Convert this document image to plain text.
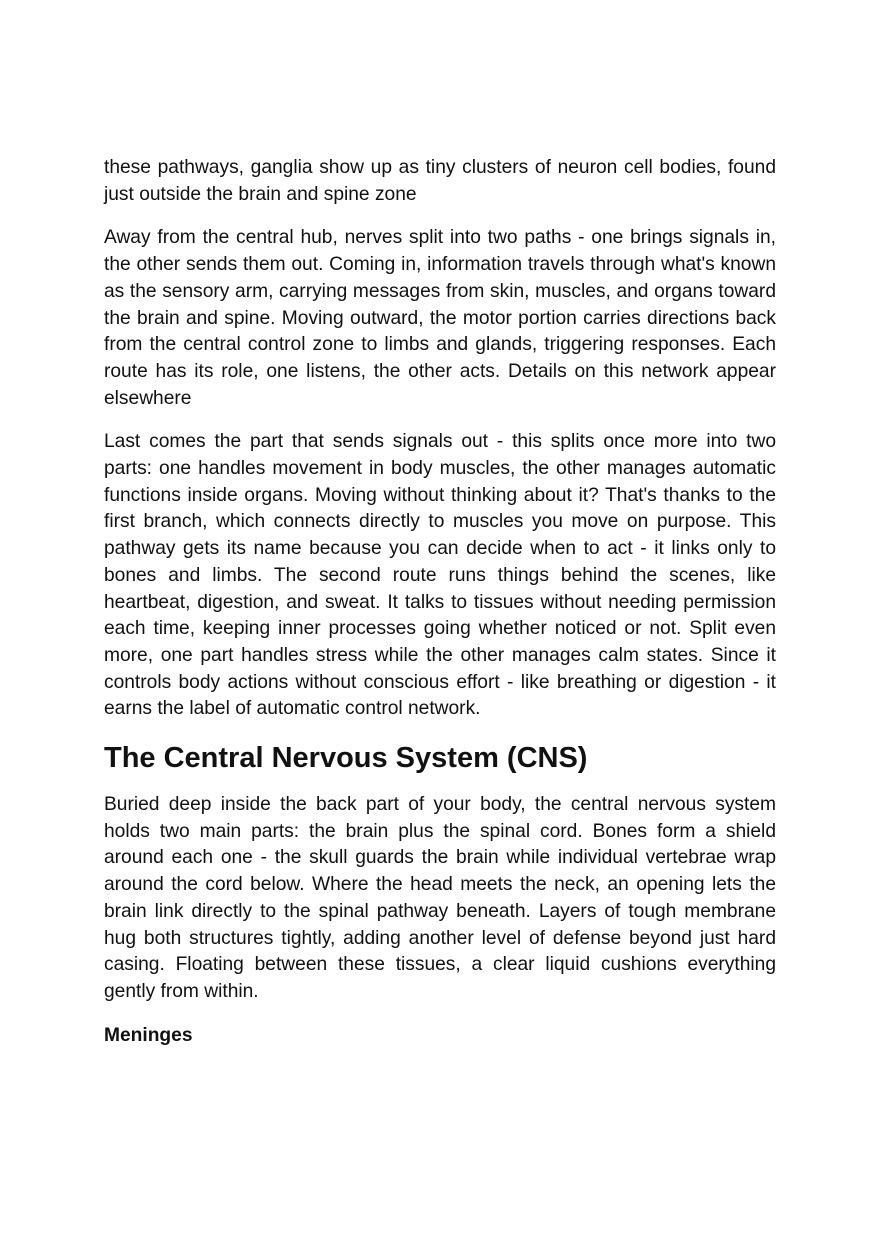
these pathways, ganglia show up as tiny clusters of neuron cell bodies, found just outside the brain and spine zone

Away from the central hub, nerves split into two paths - one brings signals in, the other sends them out. Coming in, information travels through what's known as the sensory arm, carrying messages from skin, muscles, and organs toward the brain and spine. Moving outward, the motor portion carries directions back from the central control zone to limbs and glands, triggering responses. Each route has its role, one listens, the other acts. Details on this network appear elsewhere

Last comes the part that sends signals out - this splits once more into two parts: one handles movement in body muscles, the other manages automatic functions inside organs. Moving without thinking about it? That's thanks to the first branch, which connects directly to muscles you move on purpose. This pathway gets its name because you can decide when to act - it links only to bones and limbs. The second route runs things behind the scenes, like heartbeat, digestion, and sweat. It talks to tissues without needing permission each time, keeping inner processes going whether noticed or not. Split even more, one part handles stress while the other manages calm states. Since it controls body actions without conscious effort - like breathing or digestion - it earns the label of automatic control network.

The Central Nervous System (CNS)

Buried deep inside the back part of your body, the central nervous system holds two main parts: the brain plus the spinal cord. Bones form a shield around each one - the skull guards the brain while individual vertebrae wrap around the cord below. Where the head meets the neck, an opening lets the brain link directly to the spinal pathway beneath. Layers of tough membrane hug both structures tightly, adding another level of defense beyond just hard casing. Floating between these tissues, a clear liquid cushions everything gently from within.

Meninges
